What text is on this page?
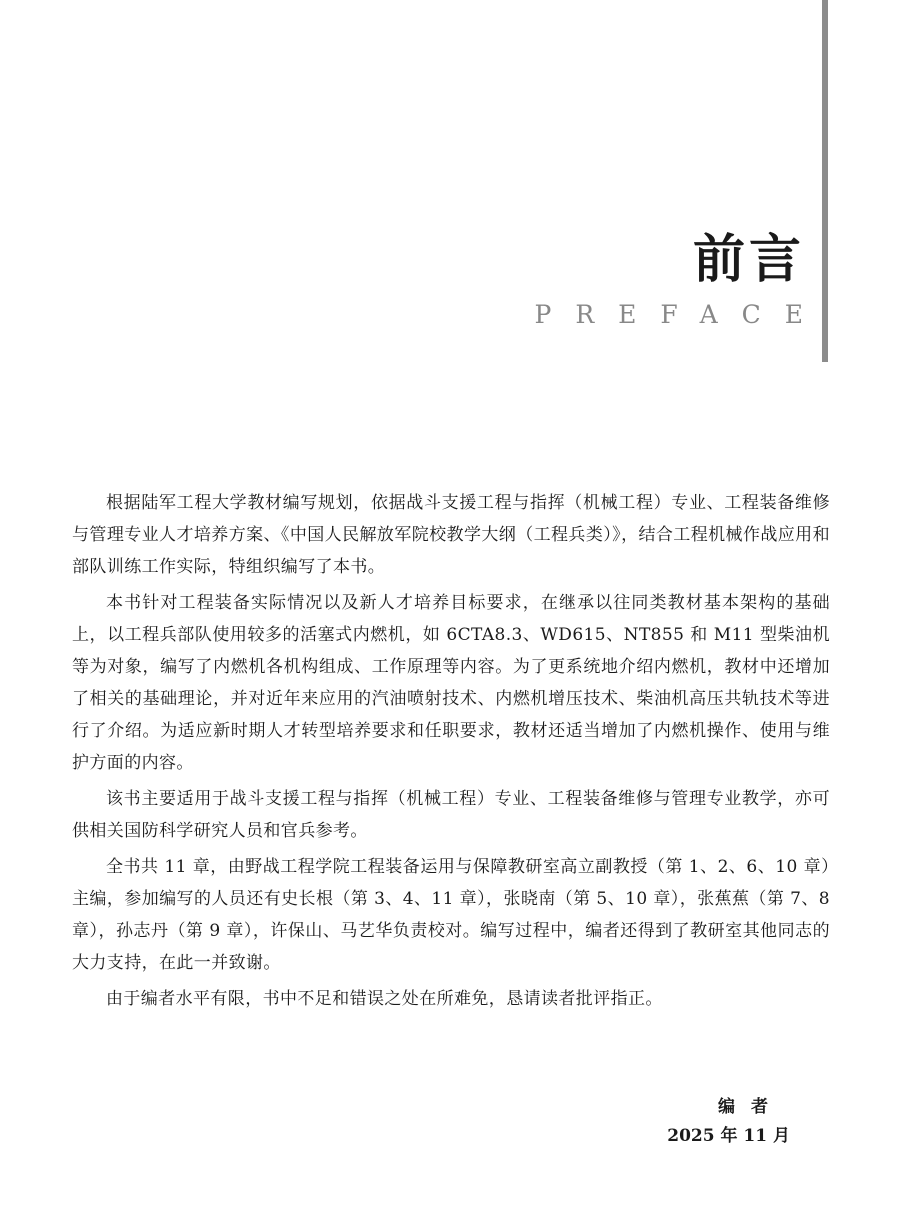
前言
PREFACE

根据陆军工程大学教材编写规划，依据战斗支援工程与指挥（机械工程）专业、工程装备维修与管理专业人才培养方案、《中国人民解放军院校教学大纲（工程兵类）》，结合工程机械作战应用和部队训练工作实际，特组织编写了本书。

本书针对工程装备实际情况以及新人才培养目标要求，在继承以往同类教材基本架构的基础上，以工程兵部队使用较多的活塞式内燃机，如 6CTA8.3、WD615、NT855 和 M11 型柴油机等为对象，编写了内燃机各机构组成、工作原理等内容。为了更系统地介绍内燃机，教材中还增加了相关的基础理论，并对近年来应用的汽油喷射技术、内燃机增压技术、柴油机高压共轨技术等进行了介绍。为适应新时期人才转型培养要求和任职要求，教材还适当增加了内燃机操作、使用与维护方面的内容。

该书主要适用于战斗支援工程与指挥（机械工程）专业、工程装备维修与管理专业教学，亦可供相关国防科学研究人员和官兵参考。

全书共 11 章，由野战工程学院工程装备运用与保障教研室高立副教授（第 1、2、6、10 章）主编，参加编写的人员还有史长根（第 3、4、11 章），张晓南（第 5、10 章），张蕉蕉（第 7、8 章），孙志丹（第 9 章），许保山、马艺华负责校对。编写过程中，编者还得到了教研室其他同志的大力支持，在此一并致谢。

由于编者水平有限，书中不足和错误之处在所难免，恳请读者批评指正。

编者
2025 年 11 月
